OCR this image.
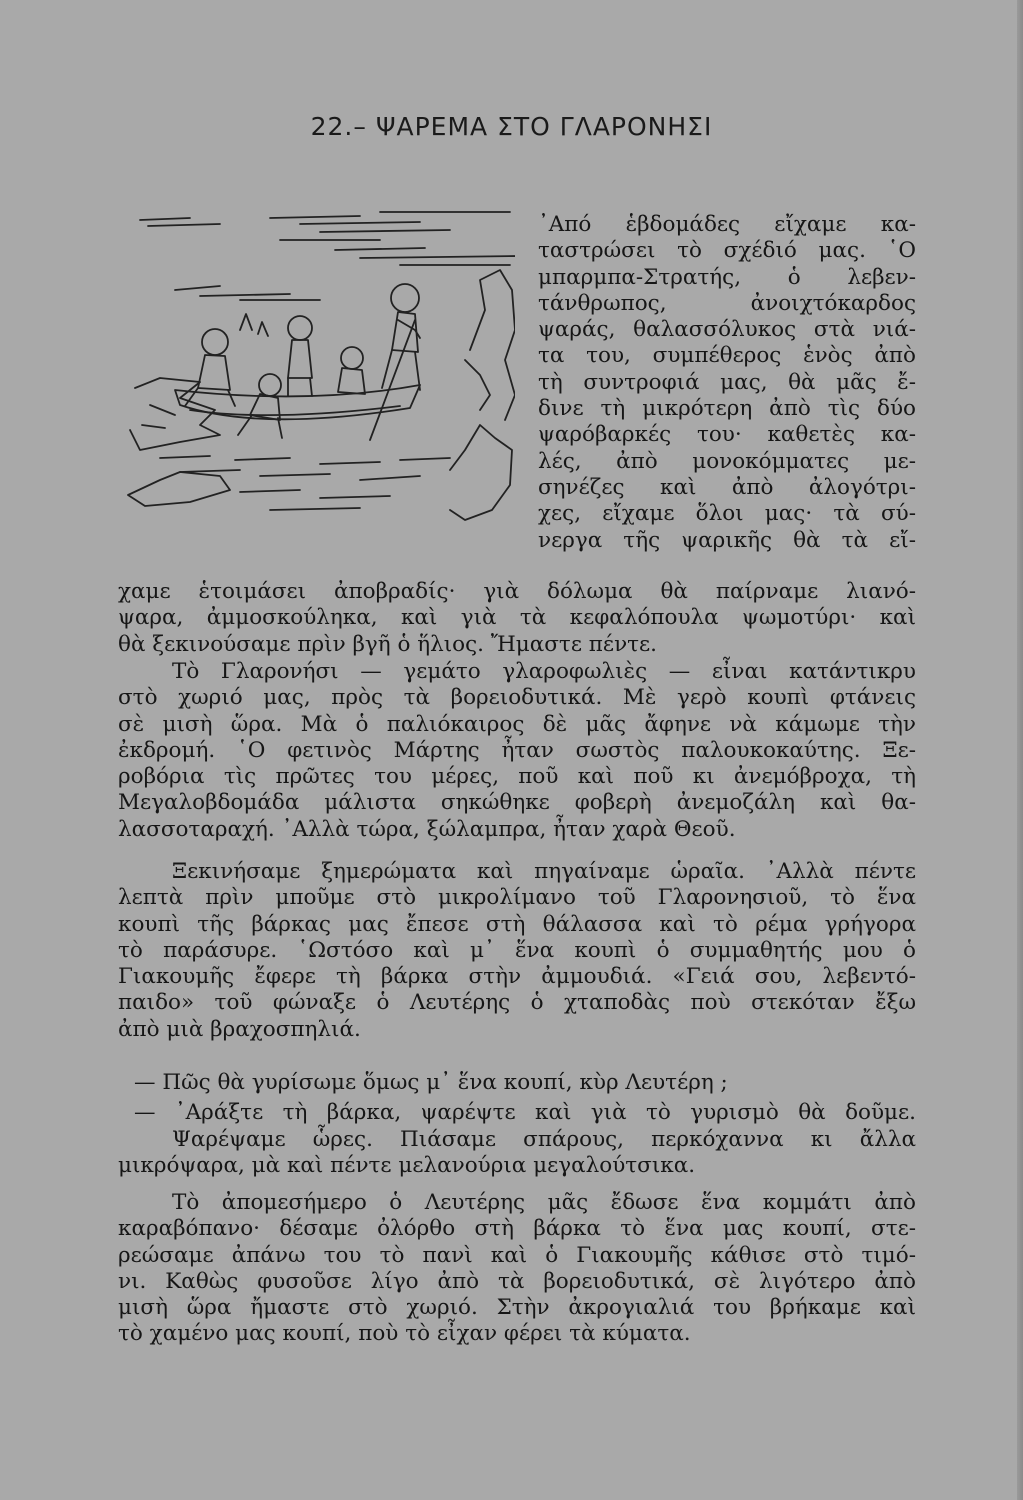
22.– ΨΑΡΕΜΑ ΣΤΟ ΓΛΑΡΟΝΗΣΙ
᾿Από ἑβδομάδες εἴχαμε κα-
ταστρώσει τὸ σχέδιό μας. ῾Ο
μπαρμπα-Στρατής, ὁ λεβεν-
τάνθρωπος, ἀνοιχτόκαρδος
ψαράς, θαλασσόλυκος στὰ νιά-
τα του, συμπέθερος ἑνὸς ἀπὸ
τὴ συντροφιά μας, θὰ μᾶς ἔ-
δινε τὴ μικρότερη ἀπὸ τὶς δύο
ψαρόβαρκές του· καθετὲς κα-
λές, ἀπὸ μονοκόμματες με-
σηνέζες καὶ ἀπὸ ἀλογότρι-
χες, εἴχαμε ὅλοι μας· τὰ σύ-
νεργα τῆς ψαρικῆς θὰ τὰ εἴ-
χαμε ἑτοιμάσει ἀποβραδίς· γιὰ δόλωμα θὰ παίρναμε λιανό-
ψαρα, ἀμμοσκούληκα, καὶ γιὰ τὰ κεφαλόπουλα ψωμοτύρι· καὶ
θὰ ξεκινούσαμε πρὶν βγῆ ὁ ἥλιος. Ἤμαστε πέντε.
Τὸ Γλαρονήσι — γεμάτο γλαροφωλιὲς — εἶναι κατάντικρυ
στὸ χωριό μας, πρὸς τὰ βορειοδυτικά. Μὲ γερὸ κουπὶ φτάνεις
σὲ μισὴ ὥρα. Μὰ ὁ παλιόκαιρος δὲ μᾶς ἄφηνε νὰ κάμωμε τὴν
ἐκδρομή. ῾Ο φετινὸς Μάρτης ἦταν σωστὸς παλουκοκαύτης. Ξε-
ροβόρια τὶς πρῶτες του μέρες, ποῦ καὶ ποῦ κι ἀνεμόβροχα, τὴ
Μεγαλοβδομάδα μάλιστα σηκώθηκε φοβερὴ ἀνεμοζάλη καὶ θα-
λασσοταραχή. ᾿Αλλὰ τώρα, ξώλαμπρα, ἦταν χαρὰ Θεοῦ.
Ξεκινήσαμε ξημερώματα καὶ πηγαίναμε ὡραῖα. ᾿Αλλὰ πέντε
λεπτὰ πρὶν μποῦμε στὸ μικρολίμανο τοῦ Γλαρονησιοῦ, τὸ ἕνα
κουπὶ τῆς βάρκας μας ἔπεσε στὴ θάλασσα καὶ τὸ ρέμα γρήγορα
τὸ παράσυρε. ῾Ωστόσο καὶ μ᾿ ἕνα κουπὶ ὁ συμμαθητής μου ὁ
Γιακουμῆς ἔφερε τὴ βάρκα στὴν ἀμμουδιά. «Γειά σου, λεβεντό-
παιδο» τοῦ φώναξε ὁ Λευτέρης ὁ χταποδὰς ποὺ στεκόταν ἔξω
ἀπὸ μιὰ βραχοσπηλιά.
— Πῶς θὰ γυρίσωμε ὅμως μ᾿ ἕνα κουπί, κὺρ Λευτέρη ;
— ᾿Αράξτε τὴ βάρκα, ψαρέψτε καὶ γιὰ τὸ γυρισμὸ θὰ δοῦμε.
Ψαρέψαμε ὧρες. Πιάσαμε σπάρους, περκόχαννα κι ἄλλα
μικρόψαρα, μὰ καὶ πέντε μελανούρια μεγαλούτσικα.
Τὸ ἀπομεσήμερο ὁ Λευτέρης μᾶς ἔδωσε ἕνα κομμάτι ἀπὸ
καραβόπανο· δέσαμε ὀλόρθο στὴ βάρκα τὸ ἕνα μας κουπί, στε-
ρεώσαμε ἀπάνω του τὸ πανὶ καὶ ὁ Γιακουμῆς κάθισε στὸ τιμό-
νι. Καθὼς φυσοῦσε λίγο ἀπὸ τὰ βορειοδυτικά, σὲ λιγότερο ἀπὸ
μισὴ ὥρα ἤμαστε στὸ χωριό. Στὴν ἀκρογιαλιά του βρήκαμε καὶ
τὸ χαμένο μας κουπί, ποὺ τὸ εἶχαν φέρει τὰ κύματα.
